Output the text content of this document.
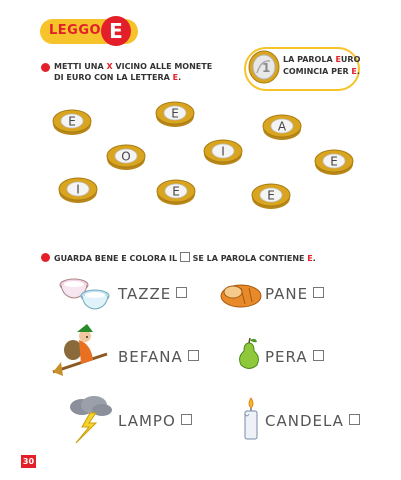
LEGGO E
METTI UNA X VICINO ALLE MONETE
DI EURO CON LA LETTERA E.
1
LA PAROLA EURO
COMINCIA PER E.
E
E
A
O	I
E
I	E	E
GUARDA BENE E COLORA IL  SE LA PAROLA CONTIENE E.
TAZZE	PANE
BEFANA	PERA
LAMPO	CANDELA
30
